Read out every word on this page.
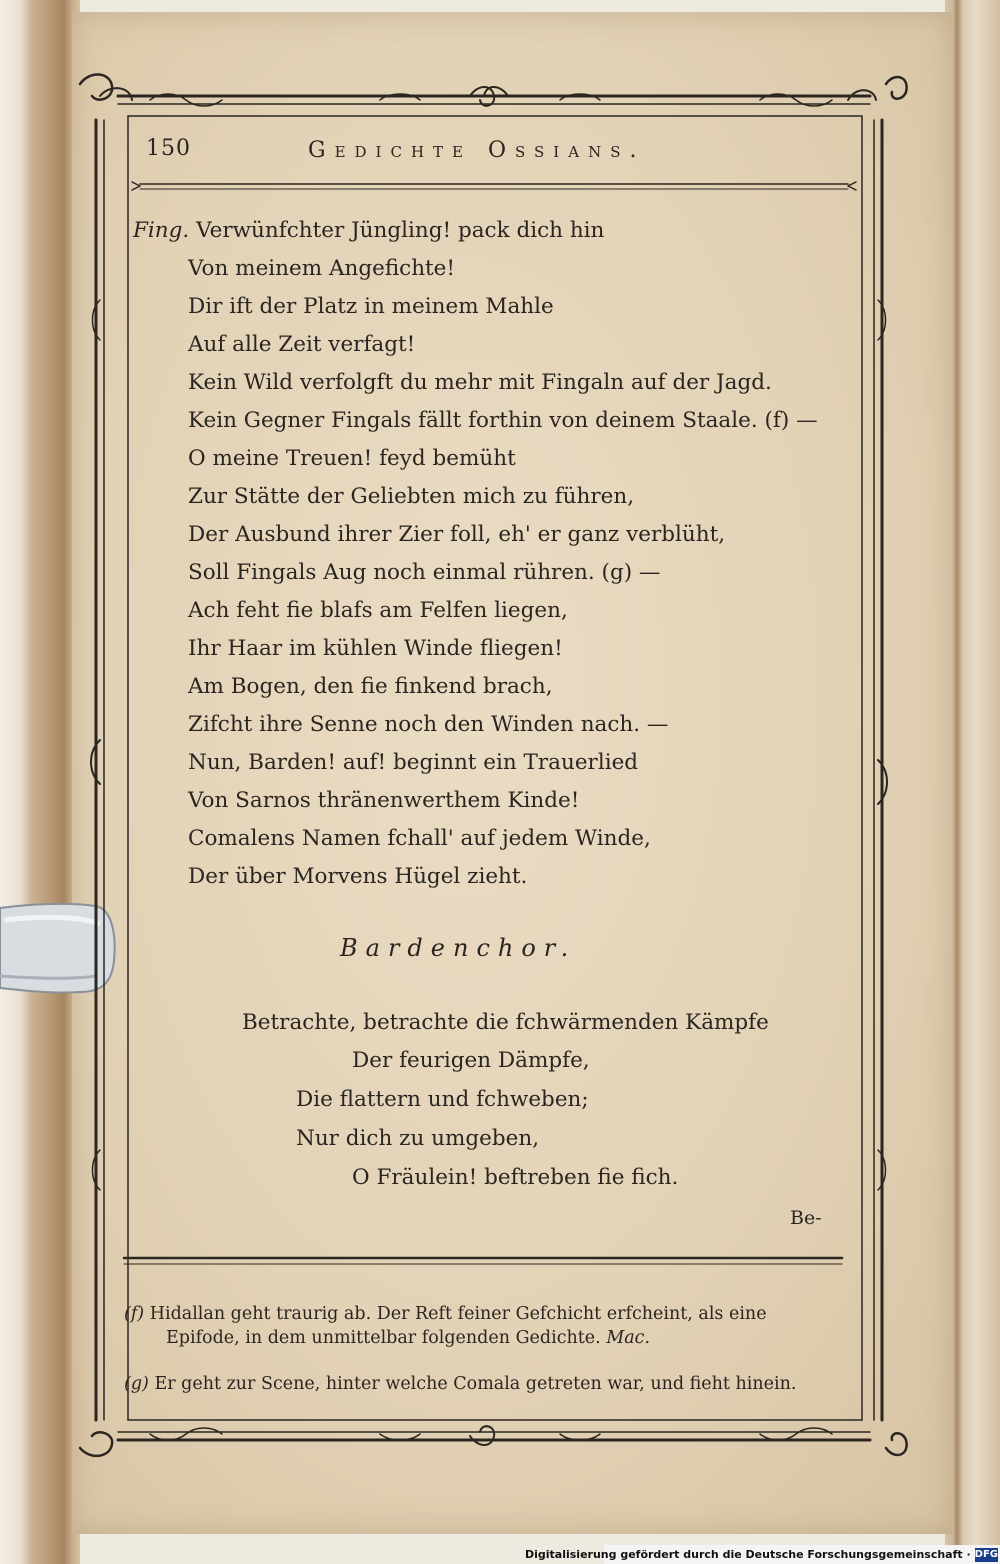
150	Gedichte Ossians.
Fing. Verwünfchter Jüngling! pack dich hin
Von meinem Angefichte!
Dir ift der Platz in meinem Mahle
Auf alle Zeit verfagt!
Kein Wild verfolgft du mehr mit Fingaln auf der Jagd.
Kein Gegner Fingals fällt forthin von deinem Staale. (f) —
O meine Treuen! feyd bemüht
Zur Stätte der Geliebten mich zu führen,
Der Ausbund ihrer Zier foll, eh' er ganz verblüht,
Soll Fingals Aug noch einmal rühren. (g) —
Ach feht fie blafs am Felfen liegen,
Ihr Haar im kühlen Winde fliegen!
Am Bogen, den fie finkend brach,
Zifcht ihre Senne noch den Winden nach. —
Nun, Barden! auf! beginnt ein Trauerlied
Von Sarnos thränenwerthem Kinde!
Comalens Namen fchall' auf jedem Winde,
Der über Morvens Hügel zieht.
Bardenchor.
Betrachte, betrachte die fchwärmenden Kämpfe
Der feurigen Dämpfe,
Die flattern und fchweben;
Nur dich zu umgeben,
O Fräulein! beftreben fie fich.
Be-
(f) Hidallan geht traurig ab. Der Reft feiner Gefchicht erfcheint, als eine
Epifode, in dem unmittelbar folgenden Gedichte. Mac.
(g) Er geht zur Scene, hinter welche Comala getreten war, und fieht hinein.
Digitalisierung gefördert durch die Deutsche Forschungsgemeinschaft · DFG
